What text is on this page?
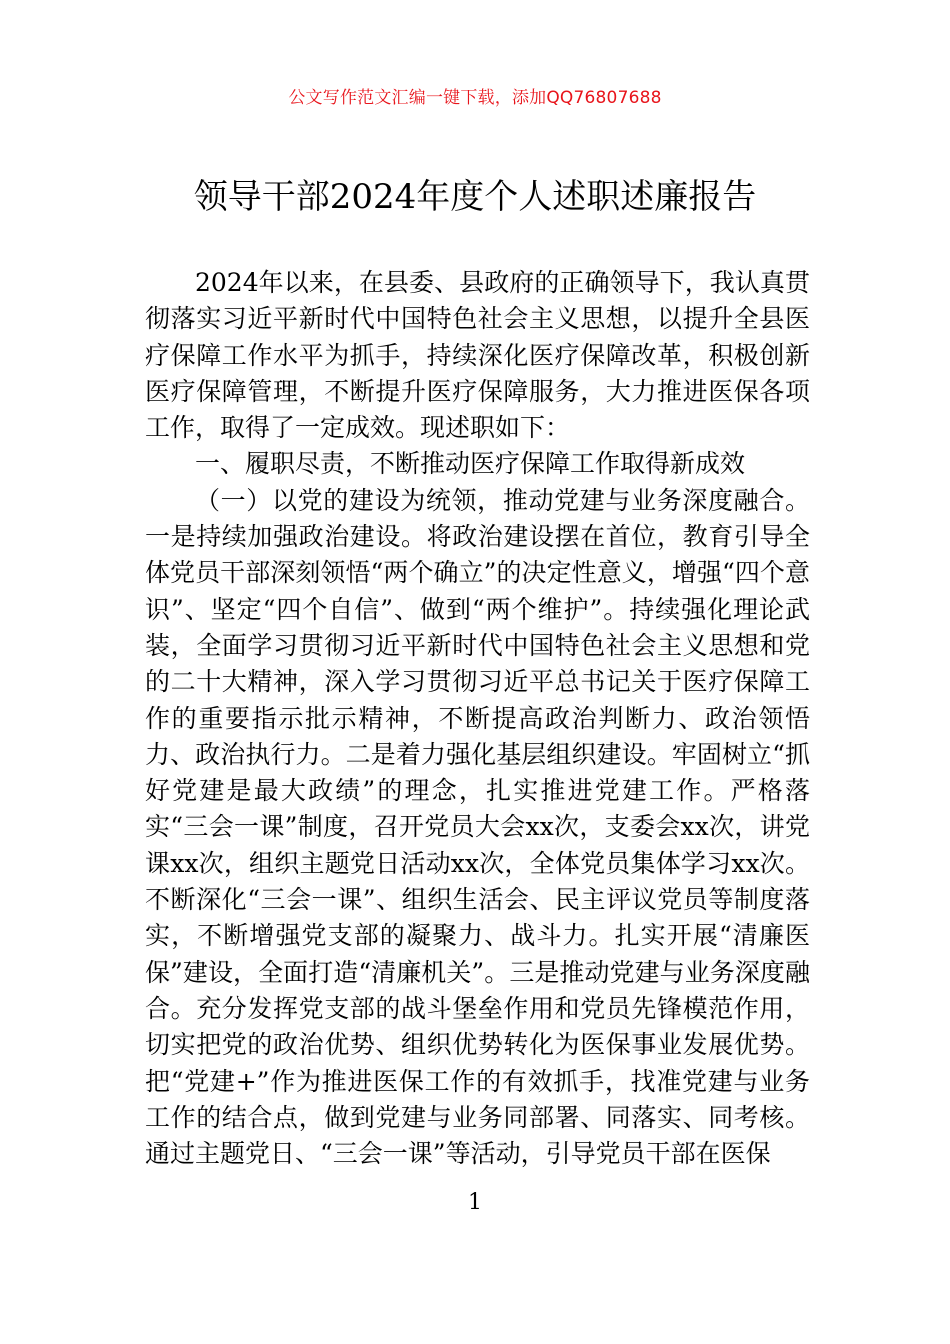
公文写作范文汇编一键下载，添加QQ76807688
领导干部2024年度个人述职述廉报告

2024年以来，在县委、县政府的正确领导下，我认真贯彻落实习近平新时代中国特色社会主义思想，以提升全县医疗保障工作水平为抓手，持续深化医疗保障改革，积极创新医疗保障管理，不断提升医疗保障服务，大力推进医保各项工作，取得了一定成效。现述职如下：

一、履职尽责，不断推动医疗保障工作取得新成效

（一）以党的建设为统领，推动党建与业务深度融合。一是持续加强政治建设。将政治建设摆在首位，教育引导全体党员干部深刻领悟“两个确立”的决定性意义，增强“四个意识”、坚定“四个自信”、做到“两个维护”。持续强化理论武装，全面学习贯彻习近平新时代中国特色社会主义思想和党的二十大精神，深入学习贯彻习近平总书记关于医疗保障工作的重要指示批示精神，不断提高政治判断力、政治领悟力、政治执行力。二是着力强化基层组织建设。牢固树立“抓好党建是最大政绩”的理念，扎实推进党建工作。严格落实“三会一课”制度，召开党员大会xx次，支委会xx次，讲党课xx次，组织主题党日活动xx次，全体党员集体学习xx次。不断深化“三会一课”、组织生活会、民主评议党员等制度落实，不断增强党支部的凝聚力、战斗力。扎实开展“清廉医保”建设，全面打造“清廉机关”。三是推动党建与业务深度融合。充分发挥党支部的战斗堡垒作用和党员先锋模范作用，切实把党的政治优势、组织优势转化为医保事业发展优势。把“党建+”作为推进医保工作的有效抓手，找准党建与业务工作的结合点，做到党建与业务同部署、同落实、同考核。通过主题党日、“三会一课”等活动，引导党员干部在医保

1
